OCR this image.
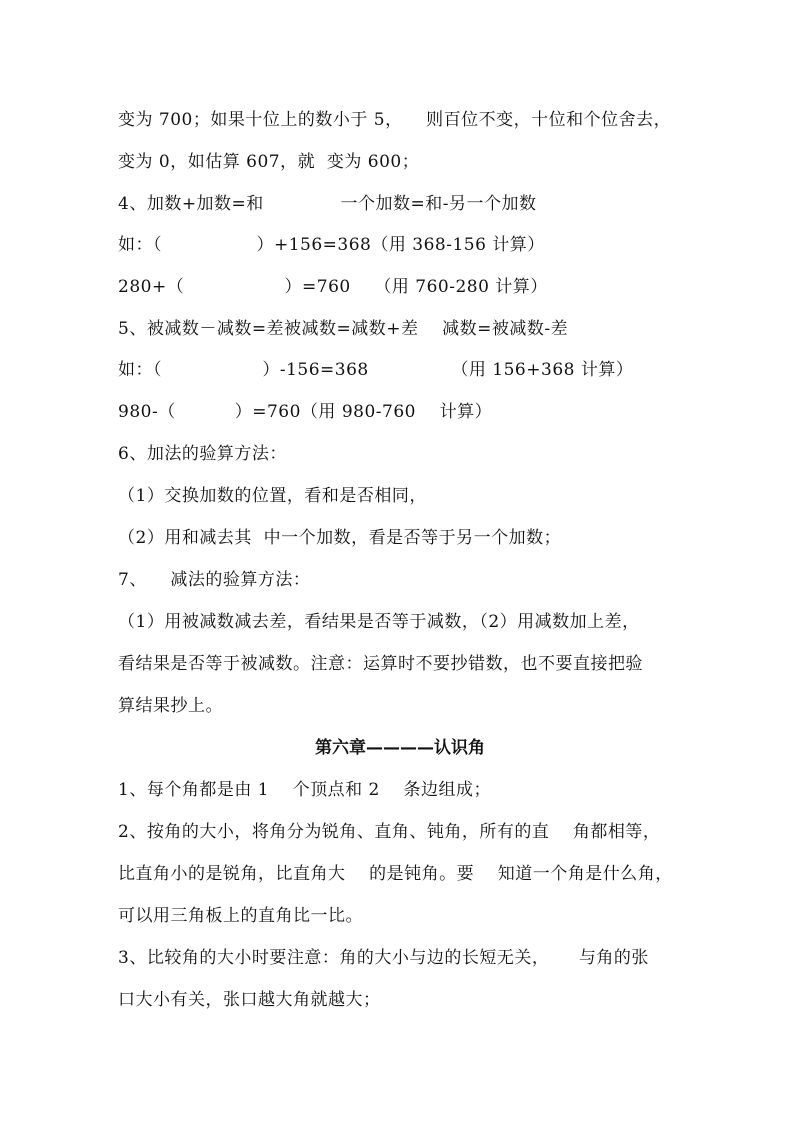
变为 700；如果十位上的数小于 5，    则百位不变，十位和个位舍去，
变为 0，如估算 607，就  变为 600；
4、加数+加数=和             一个加数=和-另一个加数
如：（                ）+156=368（用 368-156 计算）
280+（                 ）=760    （用 760-280 计算）
5、被减数－减数=差被减数=减数+差    减数=被减数-差
如：（                 ）-156=368              （用 156+368 计算）
980-（          ）=760（用 980-760    计算）
6、加法的验算方法：
（1）交换加数的位置，看和是否相同，
（2）用和减去其  中一个加数，看是否等于另一个加数；
7、    减法的验算方法：
（1）用被减数减去差，看结果是否等于减数，（2）用减数加上差，
看结果是否等于被减数。注意：运算时不要抄错数，也不要直接把验
算结果抄上。
第六章————认识角
1、每个角都是由 1    个顶点和 2    条边组成；
2、按角的大小，将角分为锐角、直角、钝角，所有的直    角都相等，
比直角小的是锐角，比直角大    的是钝角。要    知道一个角是什么角，
可以用三角板上的直角比一比。
3、比较角的大小时要注意：角的大小与边的长短无关，     与角的张
口大小有关，张口越大角就越大；
